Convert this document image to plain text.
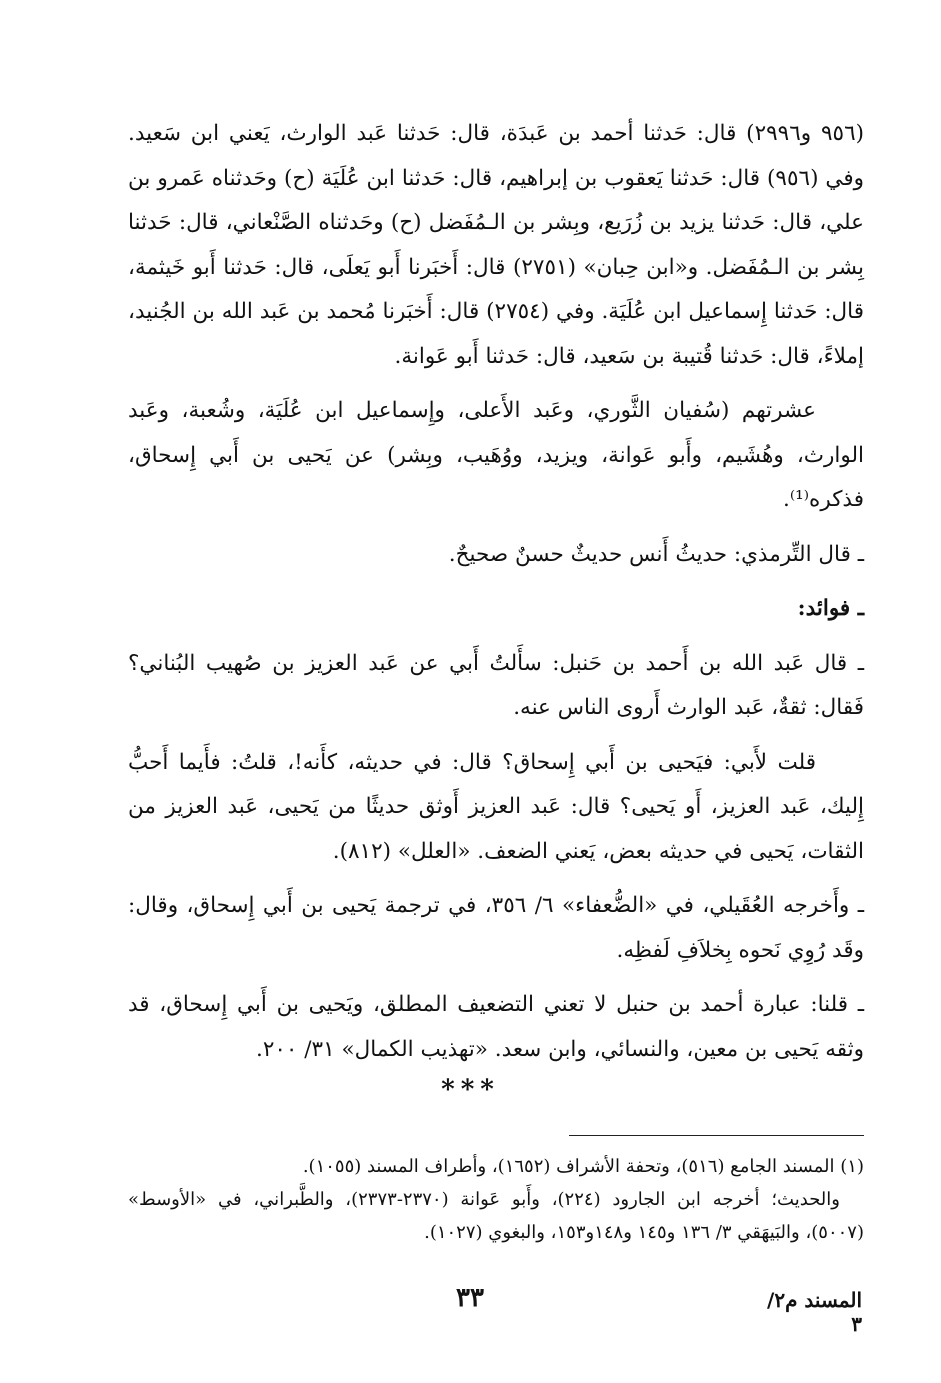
(٩٥٦ و٢٩٩٦) قال: حَدثنا أحمد بن عَبدَة، قال: حَدثنا عَبد الوارث، يَعني ابن سَعيد. وفي (٩٥٦) قال: حَدثنا يَعقوب بن إبراهيم، قال: حَدثنا ابن عُلَيَة (ح) وحَدثناه عَمرو بن علي، قال: حَدثنا يزيد بن زُرَيع، وبِشر بن الـمُفَضل (ح) وحَدثناه الصَّنْعاني، قال: حَدثنا بِشر بن الـمُفَضل. و«ابن حِبان» (٢٧٥١) قال: أَخبَرنا أَبو يَعلَى، قال: حَدثنا أَبو خَيثمة، قال: حَدثنا إِسماعيل ابن عُلَيَة. وفي (٢٧٥٤) قال: أَخبَرنا مُحمد بن عَبد الله بن الجُنيد، إملاءً، قال: حَدثنا قُتيبة بن سَعيد، قال: حَدثنا أَبو عَوانة.

عشرتهم (سُفيان الثَّوري، وعَبد الأَعلى، وإِسماعيل ابن عُلَيَة، وشُعبة، وعَبد الوارث، وهُشَيم، وأَبو عَوانة، ويزيد، ووُهَيب، وبِشر) عن يَحيى بن أَبي إِسحاق، فذكره⁽¹⁾.

ـ قال التِّرمذي: حديثُ أَنس حديثٌ حسنٌ صحيحٌ.

ـ فوائد:

ـ قال عَبد الله بن أَحمد بن حَنبل: سأَلتُ أَبي عن عَبد العزيز بن صُهيب البُناني؟ فَقال: ثقةٌ، عَبد الوارث أَروى الناس عنه.

قلت لأَبي: فيَحيى بن أَبي إِسحاق؟ قال: في حديثه، كأَنه!، قلتُ: فأَيما أَحبُّ إِليك، عَبد العزيز، أَو يَحيى؟ قال: عَبد العزيز أَوثق حديثًا من يَحيى، عَبد العزيز من الثقات، يَحيى في حديثه بعض، يَعني الضعف. «العلل» (٨١٢).

ـ وأَخرجه العُقَيلي، في «الضُّعفاء» ٦/ ٣٥٦، في ترجمة يَحيى بن أَبي إِسحاق، وقال: وقَد رُوِي نَحوه بِخلاَفِ لَفظِه.

ـ قلنا: عبارة أحمد بن حنبل لا تعني التضعيف المطلق، ويَحيى بن أَبي إِسحاق، قد وثقه يَحيى بن معين، والنسائي، وابن سعد. «تهذيب الكمال» ٣١/ ٢٠٠.

***

(١) المسند الجامع (٥١٦)، وتحفة الأشراف (١٦٥٢)، وأطراف المسند (١٠٥٥).

والحديث؛ أخرجه ابن الجارود (٢٢٤)، وأَبو عَوانة (٢٣٧٠-٢٣٧٣)، والطَّبراني، في «الأوسط» (٥٠٠٧)، والبَيهَقي ٣/ ١٣٦ و١٤٥ و١٤٨و١٥٣، والبغوي (١٠٢٧).

٣٣	المسند م٢/ ٣
